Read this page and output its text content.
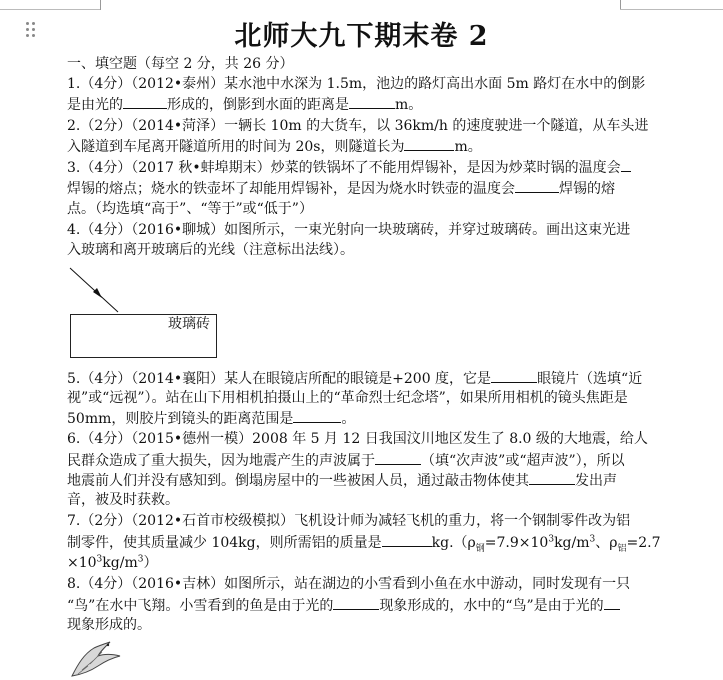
北师大九下期末卷 2
一、填空题（每空 2 分，共 26 分）
1.（4分）（2012•泰州）某水池中水深为 1.5m，池边的路灯高出水面 5m 路灯在水中的倒影
是由光的	形成的，倒影到水面的距离是	m。
2.（2分）（2014•菏泽）一辆长 10m 的大货车，以 36km/h 的速度驶进一个隧道，从车头进
入隧道到车尾离开隧道所用的时间为 20s，则隧道长为	m。
3.（4分）（2017 秋•蚌埠期末）炒菜的铁锅坏了不能用焊锡补，是因为炒菜时锅的温度会
焊锡的熔点；烧水的铁壶坏了却能用焊锡补，是因为烧水时铁壶的温度会	焊锡的熔
点。（均选填“高于”、“等于”或“低于”）
4.（4分）（2016•聊城）如图所示，一束光射向一块玻璃砖，并穿过玻璃砖。画出这束光进
入玻璃和离开玻璃后的光线（注意标出法线）。
玻璃砖
5.（4分）（2014•襄阳）某人在眼镜店所配的眼镜是+200 度，它是	眼镜片（选填“近
视”或“远视”）。站在山下用相机拍摄山上的“革命烈士纪念塔”，如果所用相机的镜头焦距是
50mm，则胶片到镜头的距离范围是	。
6.（4分）（2015•德州一模）2008 年 5 月 12 日我国汶川地区发生了 8.0 级的大地震，给人
民群众造成了重大损失，因为地震产生的声波属于	（填“次声波”或“超声波”），所以
地震前人们并没有感知到。倒塌房屋中的一些被困人员，通过敲击物体使其	发出声
音，被及时获救。
7.（2分）（2012•石首市校级模拟）飞机设计师为减轻飞机的重力，将一个钢制零件改为铝
制零件，使其质量减少 104kg，则所需铝的质量是	$kg.(\rho_钢=7.9\times 10^3kg/m^3$、$\rho_铝=2.7$
$\times 10^3kg/m^3$）
8.（4分）（2016•吉林）如图所示，站在湖边的小雪看到小鱼在水中游动，同时发现有一只
“鸟”在水中飞翔。小雪看到的鱼是由于光的	现象形成的，水中的“鸟”是由于光的
现象形成的。
